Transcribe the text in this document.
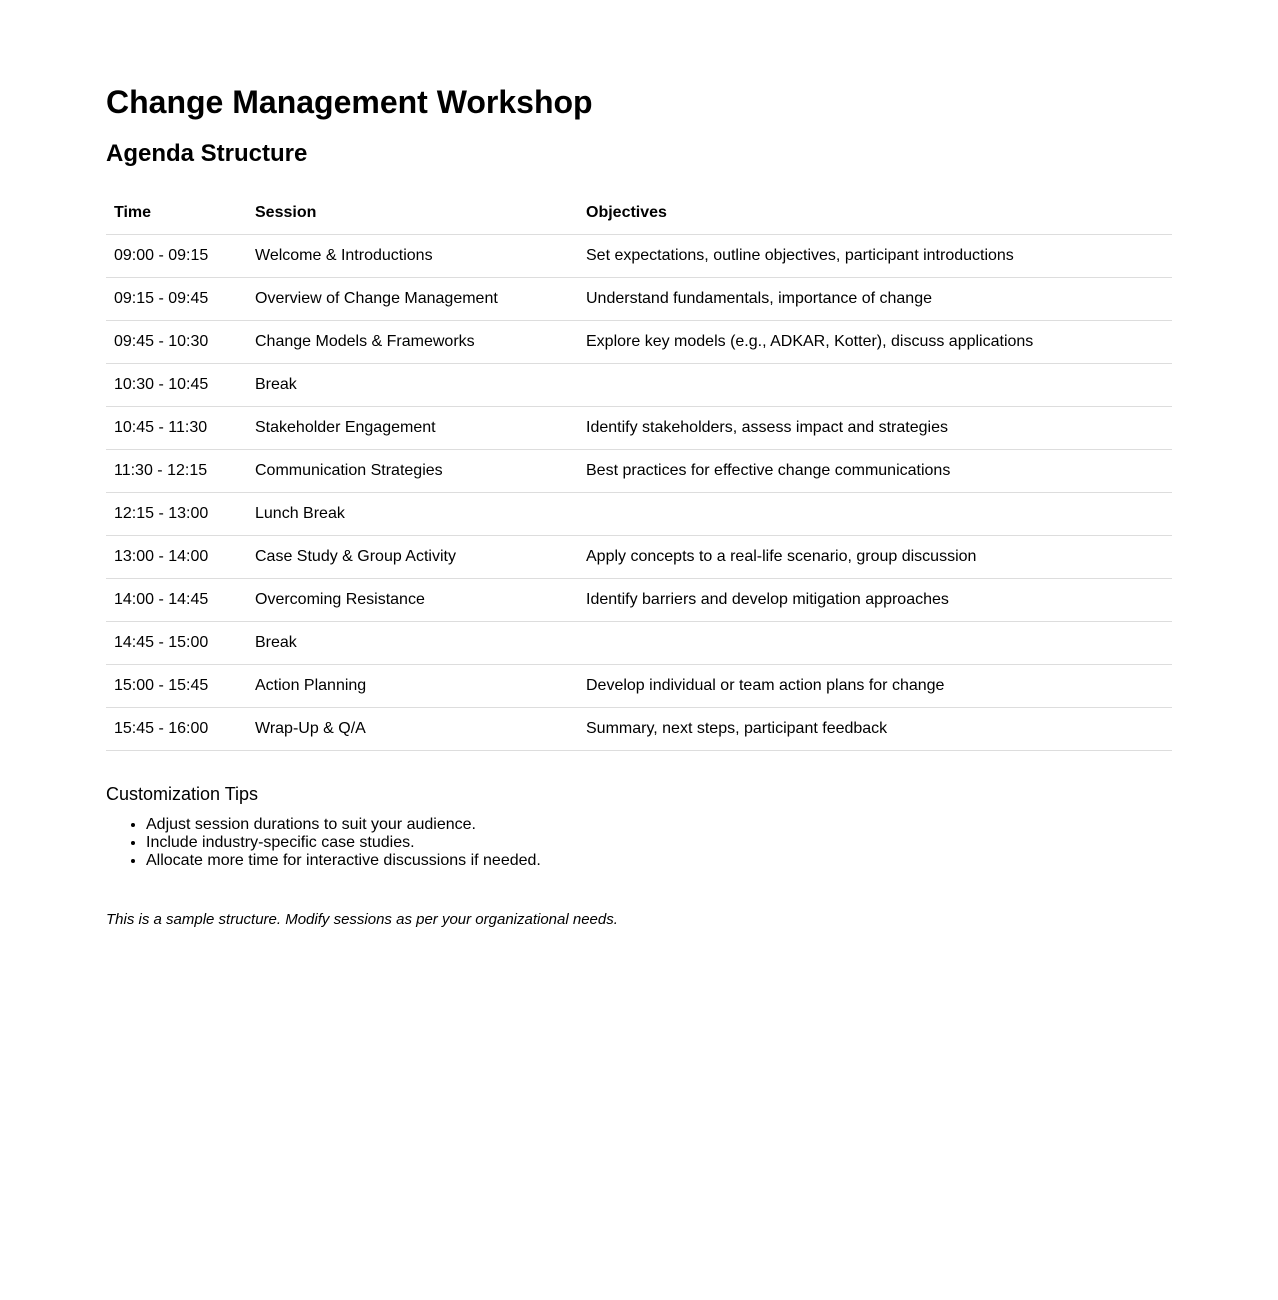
Change Management Workshop
Agenda Structure
Time	Session	Objectives
09:00 - 09:15	Welcome & Introductions	Set expectations, outline objectives, participant introductions
09:15 - 09:45	Overview of Change Management	Understand fundamentals, importance of change
09:45 - 10:30	Change Models & Frameworks	Explore key models (e.g., ADKAR, Kotter), discuss applications
10:30 - 10:45	Break	
10:45 - 11:30	Stakeholder Engagement	Identify stakeholders, assess impact and strategies
11:30 - 12:15	Communication Strategies	Best practices for effective change communications
12:15 - 13:00	Lunch Break	
13:00 - 14:00	Case Study & Group Activity	Apply concepts to a real-life scenario, group discussion
14:00 - 14:45	Overcoming Resistance	Identify barriers and develop mitigation approaches
14:45 - 15:00	Break	
15:00 - 15:45	Action Planning	Develop individual or team action plans for change
15:45 - 16:00	Wrap-Up & Q/A	Summary, next steps, participant feedback
Customization Tips
• Adjust session durations to suit your audience.
• Include industry-specific case studies.
• Allocate more time for interactive discussions if needed.
This is a sample structure. Modify sessions as per your organizational needs.
